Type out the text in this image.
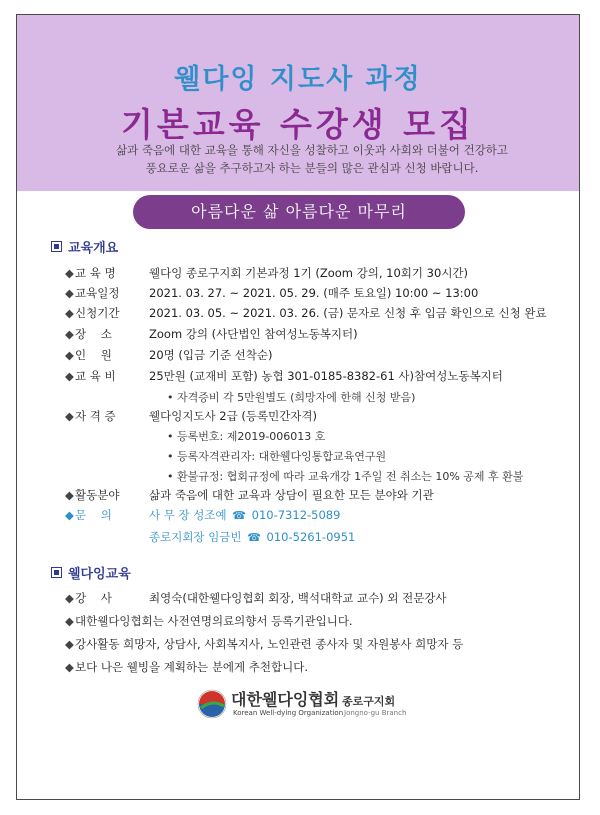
웰다잉 지도사 과정
기본교육 수강생 모집
삶과 죽음에 대한 교육을 통해 자신을 성찰하고 이웃과 사회와 더불어 건강하고
풍요로운 삶을 추구하고자 하는 분들의 많은 관심과 신청 바랍니다.
아름다운 삶 아름다운 마무리
교육개요
◆교 육 명	웰다잉 종로구지회 기본과정 1기 (Zoom 강의, 10회기 30시간)
◆교육일정	2021. 03. 27. ~ 2021. 05. 29. (매주 토요일) 10:00 ~ 13:00
◆신청기간	2021. 03. 05. ~ 2021. 03. 26. (금) 문자로 신청 후 입금 확인으로 신청 완료
◆장    소	Zoom 강의 (사단법인 참여성노동복지터)
◆인    원	20명 (입금 기준 선착순)
◆교 육 비	25만원 (교재비 포함) 농협 301-0185-8382-61 사)참여성노동복지터
• 자격증비 각 5만원별도 (희망자에 한해 신청 받음)
◆자 격 증	웰다잉지도사 2급 (등록민간자격)
• 등록번호: 제2019-006013 호
• 등록자격관리자: 대한웰다잉통합교육연구원
• 환불규정: 협회규정에 따라 교육개강 1주일 전 취소는 10% 공제 후 환불
◆활동분야	삶과 죽음에 대한 교육과 상담이 필요한 모든 분야와 기관
◆문    의	사 무 장 성조예 ☎ 010-7312-5089
종로지회장 임금빈 ☎ 010-5261-0951
웰다잉교육
◆강    사	최영숙(대한웰다잉협회 회장, 백석대학교 교수) 외 전문강사
◆대한웰다잉협회는 사전연명의료의향서 등록기관입니다.
◆강사활동 희망자, 상담사, 사회복지사, 노인관련 종사자 및 자원봉사 희망자 등
◆보다 나은 웰빙을 계획하는 분에게 추천합니다.
대한웰다잉협회 종로구지회
Korean Well-dying Organization Jongno-gu Branch
